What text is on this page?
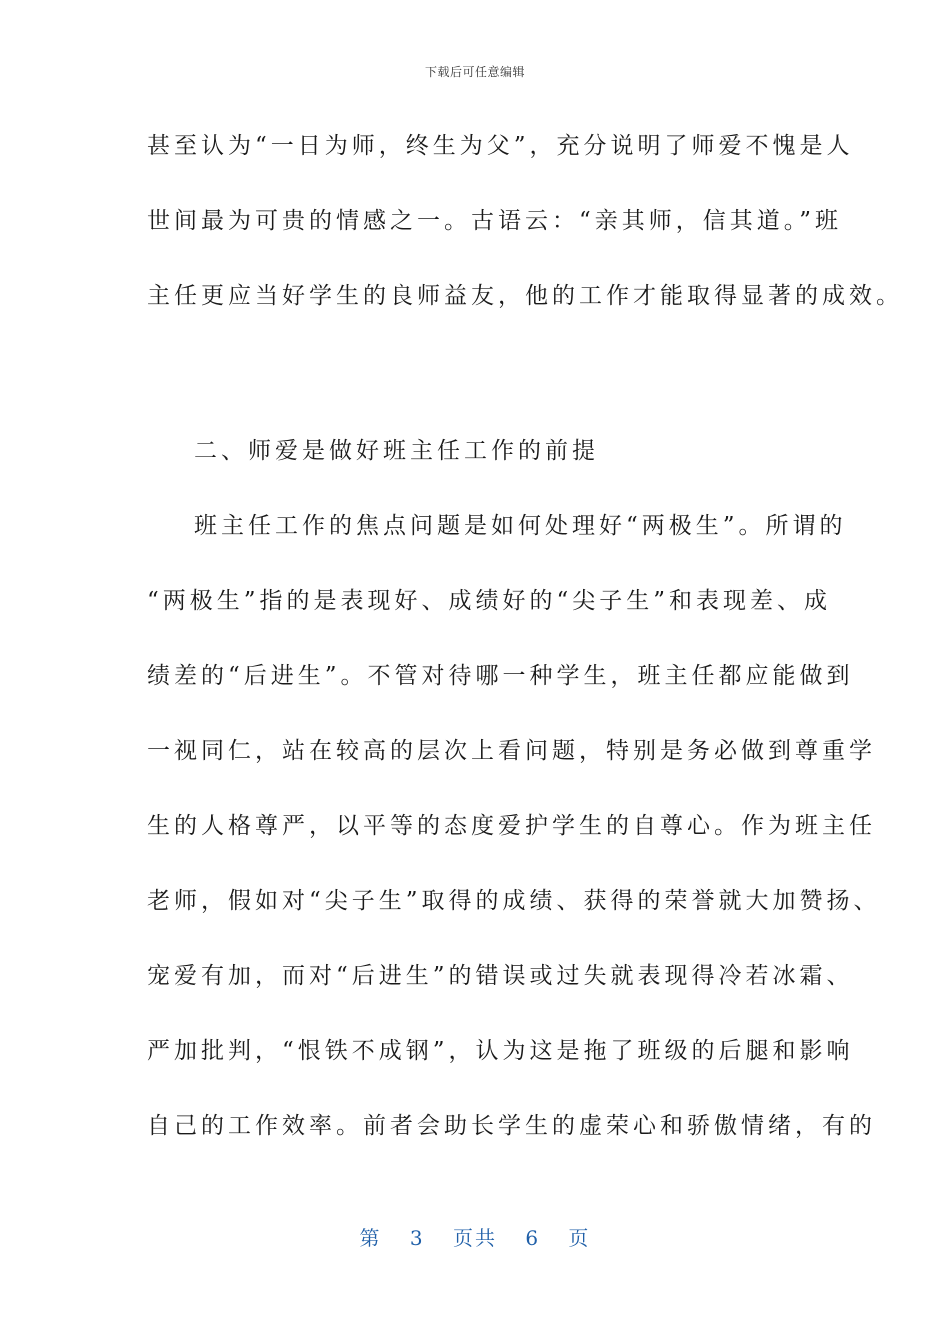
下载后可任意编辑
甚至认为“一日为师，终生为父”，充分说明了师爱不愧是人
世间最为可贵的情感之一。古语云：“亲其师，信其道。”班
主任更应当好学生的良师益友，他的工作才能取得显著的成效。
二、师爱是做好班主任工作的前提
班主任工作的焦点问题是如何处理好“两极生”。所谓的
“两极生”指的是表现好、成绩好的“尖子生”和表现差、成
绩差的“后进生”。不管对待哪一种学生，班主任都应能做到
一视同仁，站在较高的层次上看问题，特别是务必做到尊重学
生的人格尊严，以平等的态度爱护学生的自尊心。作为班主任
老师，假如对“尖子生”取得的成绩、获得的荣誉就大加赞扬、
宠爱有加，而对“后进生”的错误或过失就表现得冷若冰霜、
严加批判，“恨铁不成钢”，认为这是拖了班级的后腿和影响
自己的工作效率。前者会助长学生的虚荣心和骄傲情绪，有的
第 3 页共 6 页
